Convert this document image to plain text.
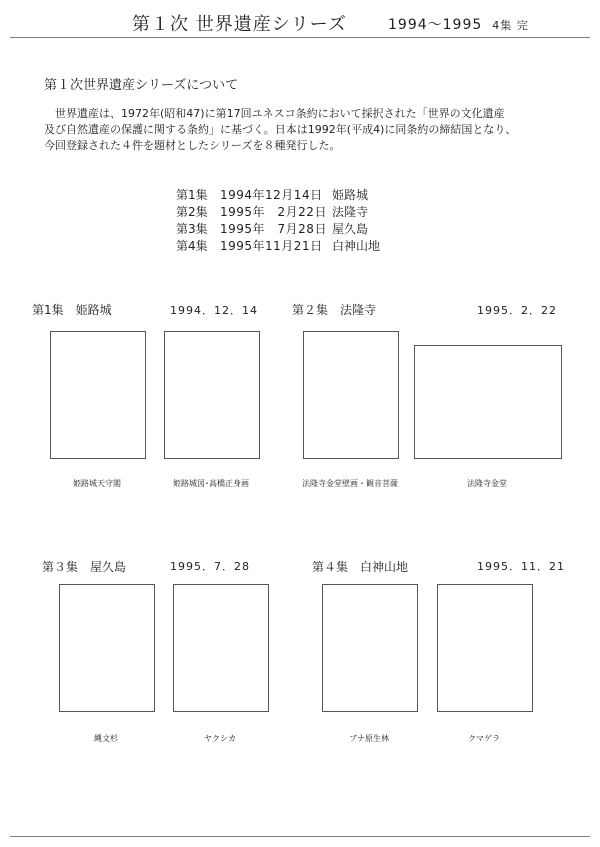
第１次 世界遺産シリーズ	1994～1995 4集 完
第１次世界遺産シリーズについて
　世界遺産は、1972年(昭和47)に第17回ユネスコ条約において採択された「世界の文化遺産
及び自然遺産の保護に関する条約」に基づく。日本は1992年(平成4)に同条約の締結国となり、
今回登録された４件を題材としたシリーズを８種発行した。
第1集 1994年12月14日 姫路城
第2集 1995年　2月22日 法隆寺
第3集 1995年　7月28日 屋久島
第4集 1995年11月21日 白神山地
第1集　姫路城	1994．12．14
姫路城天守閣	姫路城図･高橋正身画
第２集　法隆寺	1995．2．22
法隆寺金堂壁画・観音菩薩	法隆寺金堂
第３集　屋久島	1995．7．28
縄文杉	ヤクシカ
第４集　白神山地	1995．11．21
ブナ原生林	クマゲラ
